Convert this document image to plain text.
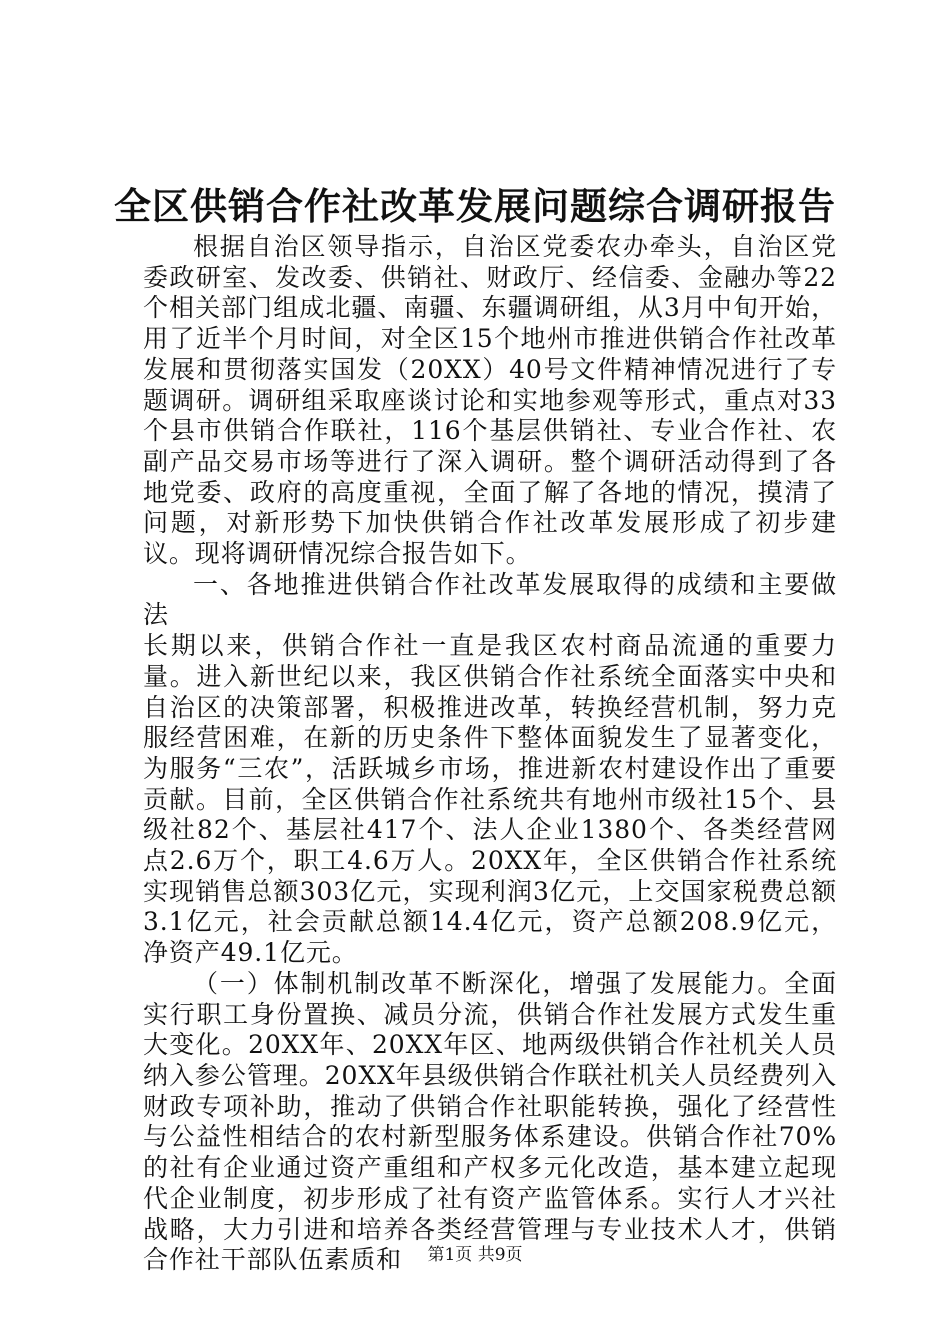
全区供销合作社改革发展问题综合调研报告

根据自治区领导指示，自治区党委农办牵头，自治区党委政研室、发改委、供销社、财政厅、经信委、金融办等22个相关部门组成北疆、南疆、东疆调研组，从3月中旬开始，用了近半个月时间，对全区15个地州市推进供销合作社改革发展和贯彻落实国发（20XX）40号文件精神情况进行了专题调研。调研组采取座谈讨论和实地参观等形式，重点对33个县市供销合作联社，116个基层供销社、专业合作社、农副产品交易市场等进行了深入调研。整个调研活动得到了各地党委、政府的高度重视，全面了解了各地的情况，摸清了问题，对新形势下加快供销合作社改革发展形成了初步建议。现将调研情况综合报告如下。

一、各地推进供销合作社改革发展取得的成绩和主要做法

长期以来，供销合作社一直是我区农村商品流通的重要力量。进入新世纪以来，我区供销合作社系统全面落实中央和自治区的决策部署，积极推进改革，转换经营机制，努力克服经营困难，在新的历史条件下整体面貌发生了显著变化，为服务“三农”，活跃城乡市场，推进新农村建设作出了重要贡献。目前，全区供销合作社系统共有地州市级社15个、县级社82个、基层社417个、法人企业1380个、各类经营网点2.6万个，职工4.6万人。20XX年，全区供销合作社系统实现销售总额303亿元，实现利润3亿元，上交国家税费总额3.1亿元，社会贡献总额14.4亿元，资产总额208.9亿元，净资产49.1亿元。

（一）体制机制改革不断深化，增强了发展能力。全面实行职工身份置换、减员分流，供销合作社发展方式发生重大变化。20XX年、20XX年区、地两级供销合作社机关人员纳入参公管理。20XX年县级供销合作联社机关人员经费列入财政专项补助，推动了供销合作社职能转换，强化了经营性与公益性相结合的农村新型服务体系建设。供销合作社70%的社有企业通过资产重组和产权多元化改造，基本建立起现代企业制度，初步形成了社有资产监管体系。实行人才兴社战略，大力引进和培养各类经营管理与专业技术人才，供销合作社干部队伍素质和	第1页 共9页
